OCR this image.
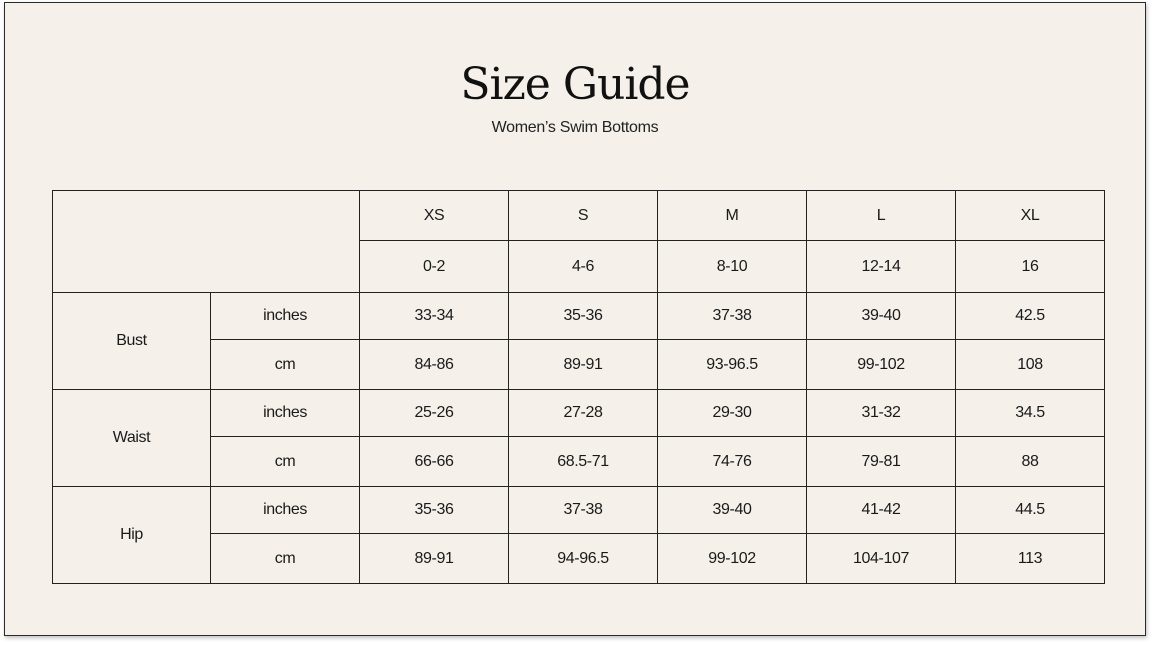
Size Guide

Women’s Swim Bottoms

		XS	S	M	L	XL
		0-2	4-6	8-10	12-14	16
Bust	inches	33-34	35-36	37-38	39-40	42.5
	cm	84-86	89-91	93-96.5	99-102	108
Waist	inches	25-26	27-28	29-30	31-32	34.5
	cm	66-66	68.5-71	74-76	79-81	88
Hip	inches	35-36	37-38	39-40	41-42	44.5
	cm	89-91	94-96.5	99-102	104-107	113
